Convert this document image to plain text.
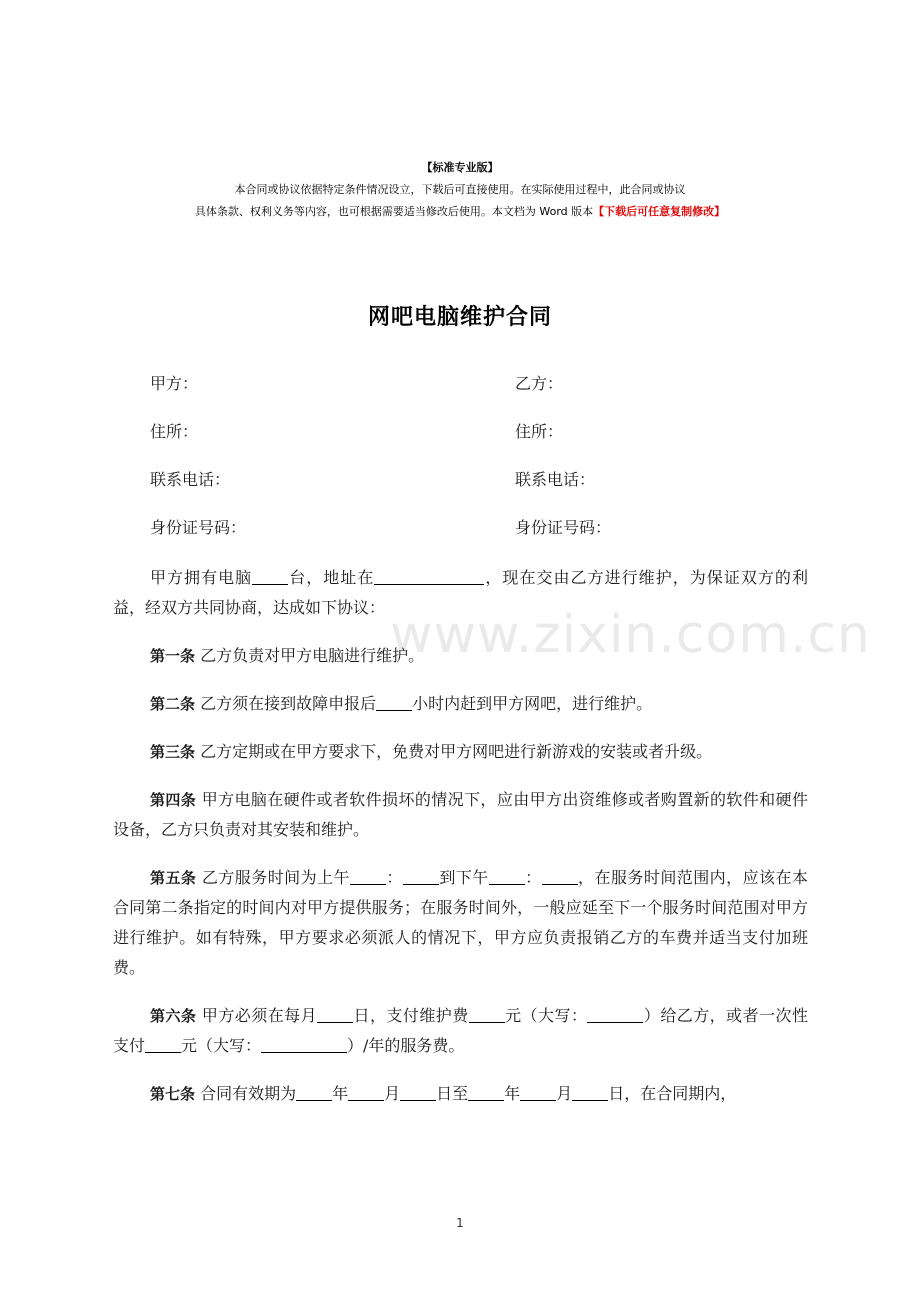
【标准专业版】
本合同或协议依据特定条件情况设立，下载后可直接使用。在实际使用过程中，此合同或协议
具体条款、权利义务等内容，也可根据需要适当修改后使用。本文档为 Word 版本【下载后可任意复制修改】
网吧电脑维护合同
甲方：	乙方：
住所：	住所：
联系电话：	联系电话：
身份证号码：	身份证号码：
www.zixin.com.cn

甲方拥有电脑 台，地址在	，现在交由乙方进行维护，为保证双方的利益，经双方共同协商，达成如下协议：

第一条 乙方负责对甲方电脑进行维护。

第二条 乙方须在接到故障申报后 小时内赶到甲方网吧，进行维护。

第三条 乙方定期或在甲方要求下，免费对甲方网吧进行新游戏的安装或者升级。

第四条 甲方电脑在硬件或者软件损坏的情况下，应由甲方出资维修或者购置新的软件和硬件设备，乙方只负责对其安装和维护。

第五条 乙方服务时间为上午 ： 到下午 ： ，在服务时间范围内，应该在本合同第二条指定的时间内对甲方提供服务；在服务时间外，一般应延至下一个服务时间范围对甲方进行维护。如有特殊，甲方要求必须派人的情况下，甲方应负责报销乙方的车费并适当支付加班费。

第六条 甲方必须在每月 日，支付维护费 元（大写：	）给乙方，或者一次性支付 元（大写：	）/年的服务费。

第七条 合同有效期为 年 月 日至 年 月 日，在合同期内，

1
